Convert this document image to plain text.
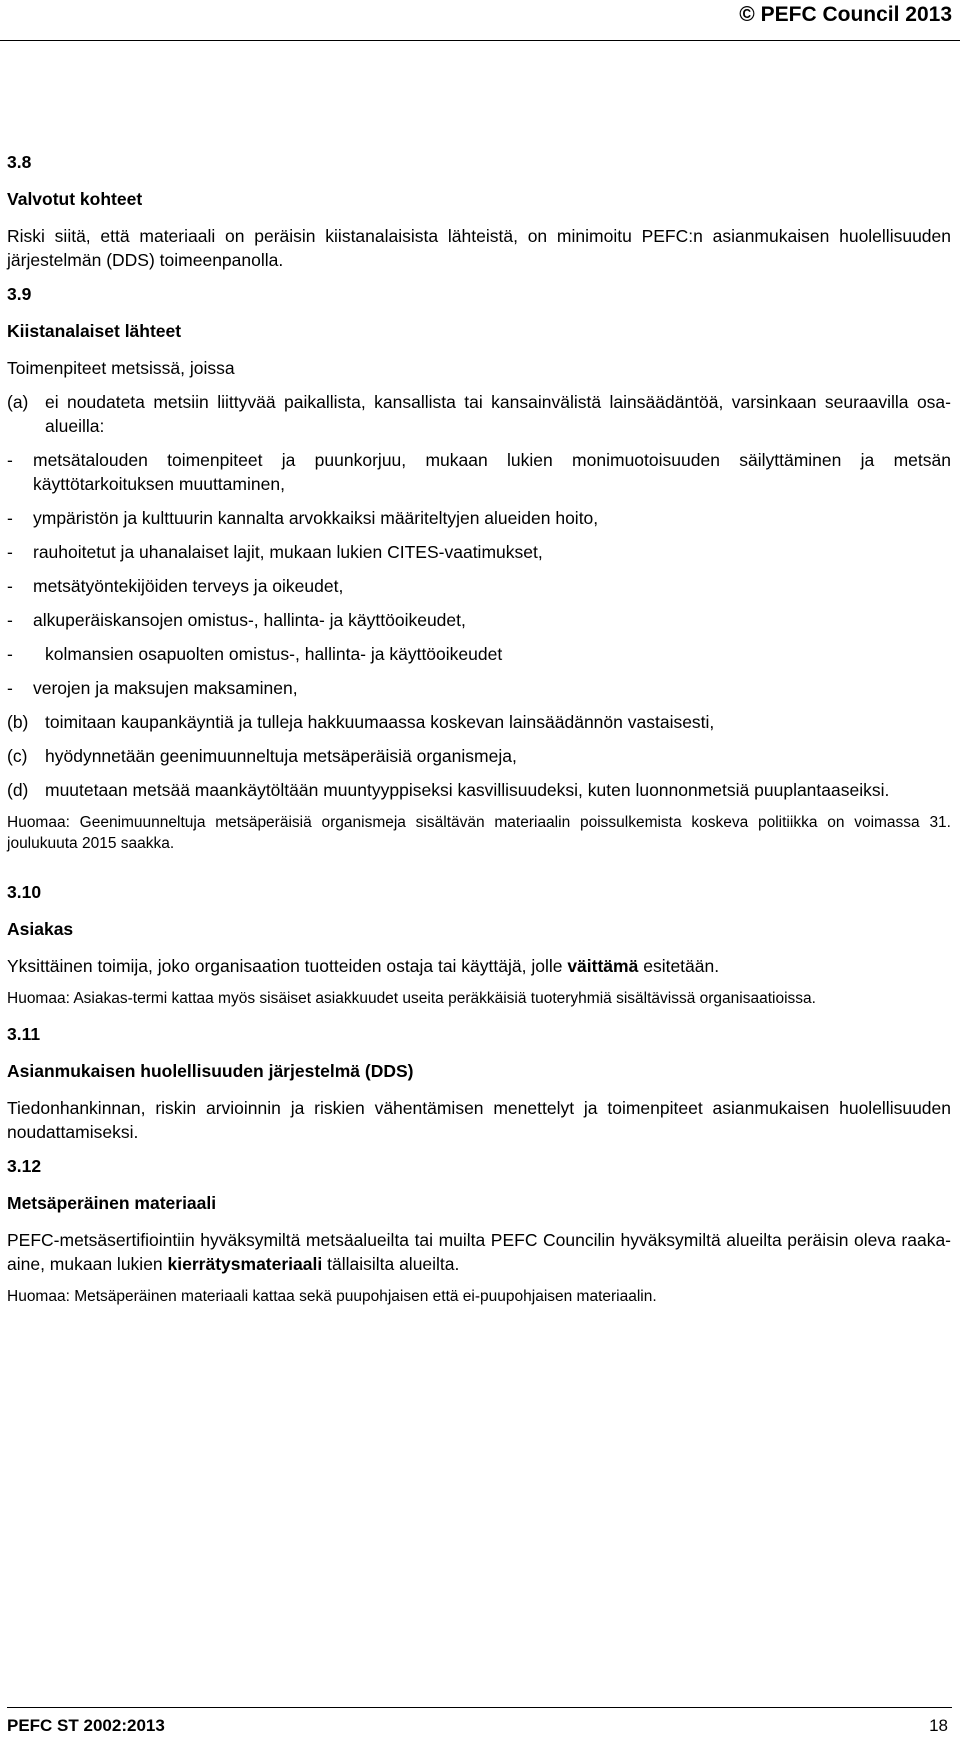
© PEFC Council 2013

3.8

Valvotut kohteet

Riski siitä, että materiaali on peräisin kiistanalaisista lähteistä, on minimoitu PEFC:n asianmukaisen huolellisuuden järjestelmän (DDS) toimeenpanolla.

3.9

Kiistanalaiset lähteet

Toimenpiteet metsissä, joissa

(a) ei noudateta metsiin liittyvää paikallista, kansallista tai kansainvälistä lainsäädäntöä, varsinkaan seuraavilla osa-alueilla:
-	metsätalouden toimenpiteet ja puunkorjuu, mukaan lukien monimuotoisuuden säilyttäminen ja metsän käyttötarkoituksen muuttaminen,
-	ympäristön ja kulttuurin kannalta arvokkaiksi määriteltyjen alueiden hoito,
-	rauhoitetut ja uhanalaiset lajit, mukaan lukien CITES-vaatimukset,
-	metsätyöntekijöiden terveys ja oikeudet,
-	alkuperäiskansojen omistus-, hallinta- ja käyttöoikeudet,
-	kolmansien osapuolten omistus-, hallinta- ja käyttöoikeudet
-	verojen ja maksujen maksaminen,
(b) toimitaan kaupankäyntiä ja tulleja hakkuumaassa koskevan lainsäädännön vastaisesti,
(c)	hyödynnetään geenimuunneltuja metsäperäisiä organismeja,
(d) muutetaan metsää maankäytöltään muuntyyppiseksi kasvillisuudeksi, kuten luonnonmetsiä puuplantaaseiksi.

Huomaa: Geenimuunneltuja metsäperäisiä organismeja sisältävän materiaalin poissulkemista koskeva politiikka on voimassa 31. joulukuuta 2015 saakka.

3.10

Asiakas

Yksittäinen toimija, joko organisaation tuotteiden ostaja tai käyttäjä, jolle väittämä esitetään.

Huomaa: Asiakas-termi kattaa myös sisäiset asiakkuudet useita peräkkäisiä tuoteryhmiä sisältävissä organisaatioissa.

3.11

Asianmukaisen huolellisuuden järjestelmä (DDS)

Tiedonhankinnan, riskin arvioinnin ja riskien vähentämisen menettelyt ja toimenpiteet asianmukaisen huolellisuuden noudattamiseksi.

3.12

Metsäperäinen materiaali

PEFC-metsäsertifiointiin hyväksymiltä metsäalueilta tai muilta PEFC Councilin hyväksymiltä alueilta peräisin oleva raaka-aine, mukaan lukien kierrätysmateriaali tällaisilta alueilta.

Huomaa: Metsäperäinen materiaali kattaa sekä puupohjaisen että ei-puupohjaisen materiaalin.

PEFC ST 2002:2013	18
